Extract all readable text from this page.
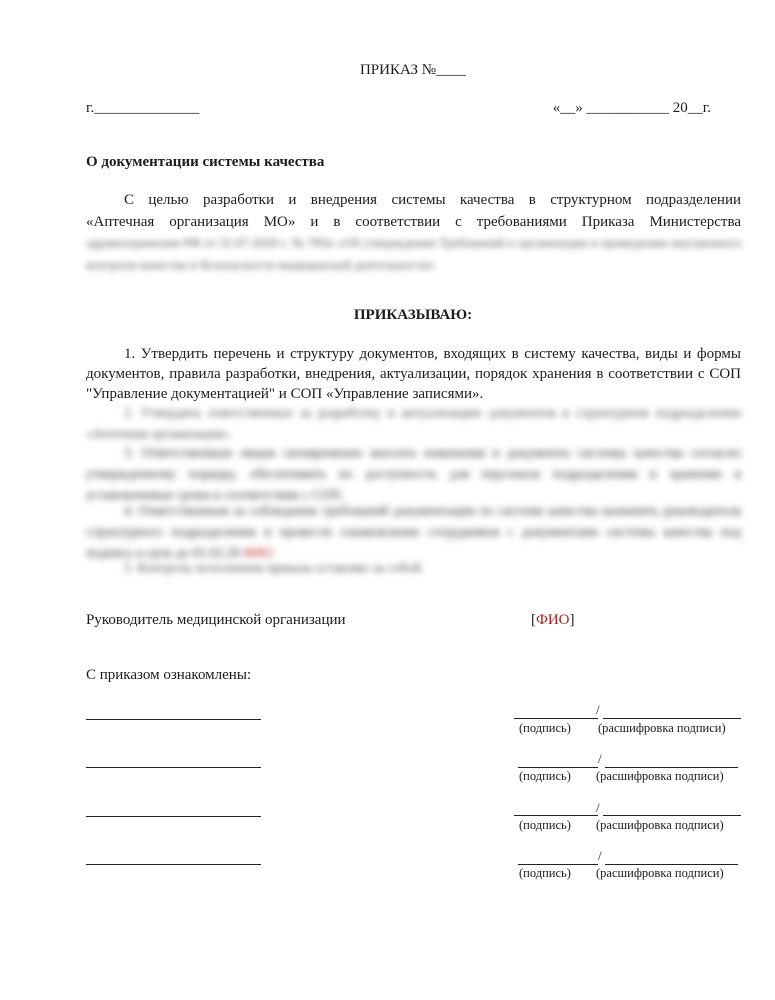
ПРИКАЗ №____
г.______________	«__» ___________ 20__г.
О документации системы качества
С целью разработки и внедрения системы качества в структурном подразделении
«Аптечная организация МО» и в соответствии с требованиями Приказа Министерства
здравоохранения РФ от 31.07.2020 г. № 785н «Об утверждении Требований к организации и проведению внутреннего контроля качества и безопасности медицинской деятельности»
ПРИКАЗЫВАЮ:
1. Утвердить перечень и структуру документов, входящих в систему качества, виды и формы документов, правила разработки, внедрения, актуализации, порядок хранения в соответствии с СОП "Управление документацией" и СОП «Управление записями».
2. Утвердить ответственных за разработку и актуализацию документов в структурном подразделении «Аптечная организация».
3. Ответственным лицам своевременно вносить изменения в документы системы качества согласно утвержденному порядку, обеспечивать их доступность для персонала подразделения и хранение в установленные сроки в соответствии с СОП.
4. Ответственным за соблюдение требований документации по системе качества назначить руководителя структурного подразделения и провести ознакомление сотрудников с документами системы качества под подпись в срок до 01.02.20 ФИО
5. Контроль исполнения приказа оставляю за собой.
Руководитель медицинской организации	[ФИО]
С приказом ознакомлены:
/
(подпись) (расшифровка подписи)
/
(подпись) (расшифровка подписи)
/
(подпись) (расшифровка подписи)
/
(подпись) (расшифровка подписи)
